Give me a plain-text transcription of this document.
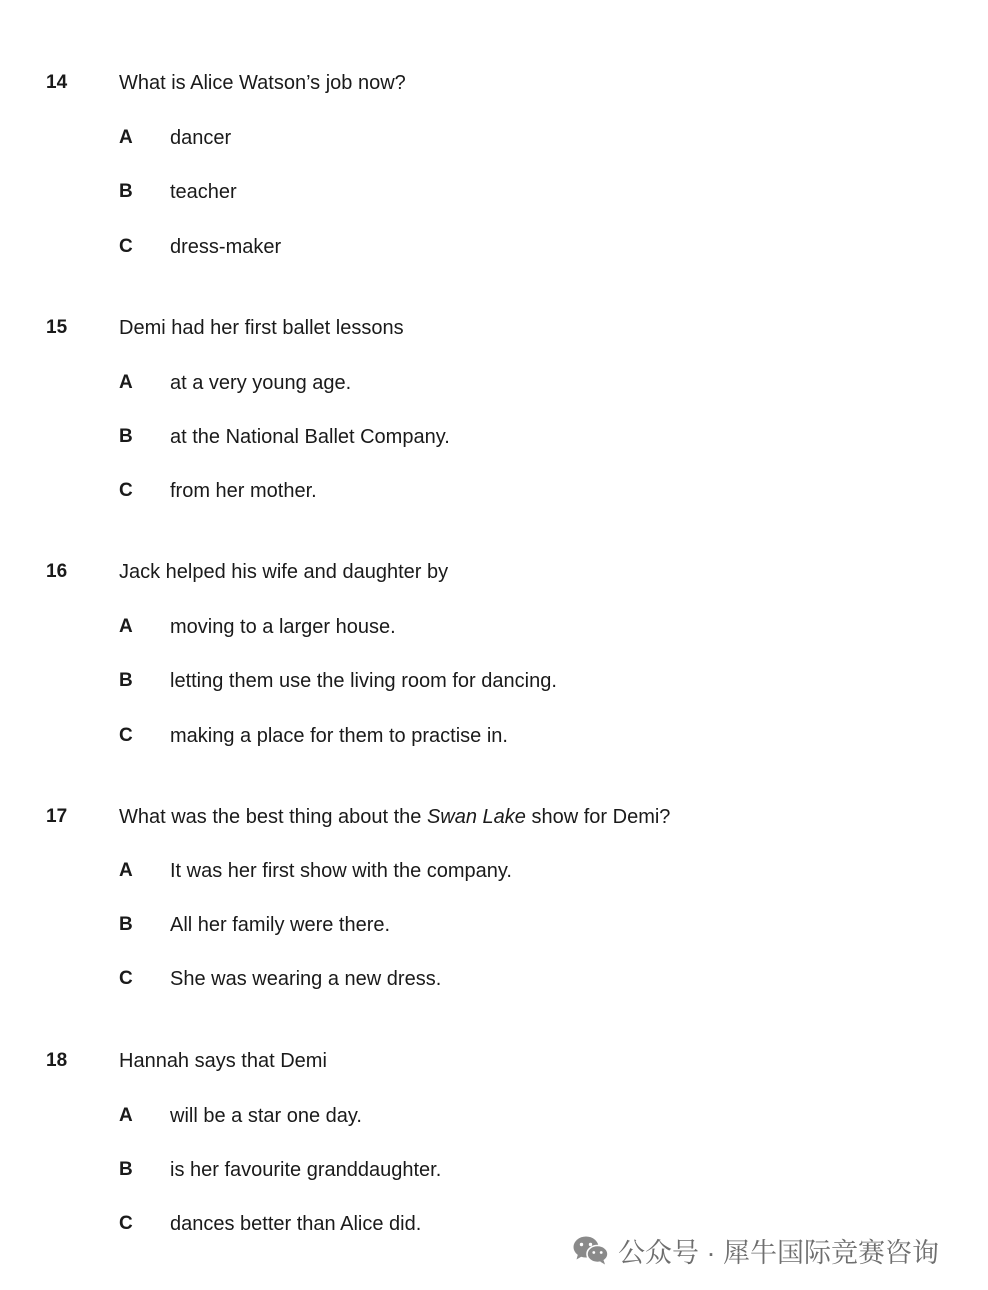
14	What is Alice Watson’s job now?
A dancer
B teacher
C dress-maker
15	Demi had her first ballet lessons
A at a very young age.
B at the National Ballet Company.
C from her mother.
16	Jack helped his wife and daughter by
A moving to a larger house.
B letting them use the living room for dancing.
C making a place for them to practise in.
17	What was the best thing about the Swan Lake show for Demi?
A It was her first show with the company.
B All her family were there.
C She was wearing a new dress.
18	Hannah says that Demi
A will be a star one day.
B is her favourite granddaughter.
C dances better than Alice did.
公众号 · 犀牛国际竞赛咨询
